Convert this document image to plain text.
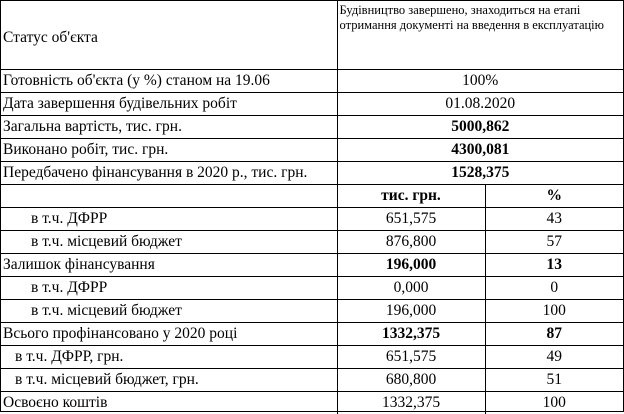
Статус об'єкта	Будівництво завершено, знаходиться на етапі отримання документі на введення в експлуатацію	
Готовність об'єкта (у %) станом на 19.06	100%	
Дата завершення будівельних робіт	01.08.2020	
Загальна вартість, тис. грн.	5000,862	
Виконано робіт, тис. грн.	4300,081	
Передбачено фінансування в 2020 р., тис. грн.	1528,375	
	тис. грн.	%
в т.ч. ДФРР	651,575	43
в т.ч. місцевий бюджет	876,800	57
Залишок фінансування	196,000	13
в т.ч. ДФРР	0,000	0
в т.ч. місцевий бюджет	196,000	100
Всього профінансовано у 2020 році	1332,375	87
в т.ч. ДФРР, грн.	651,575	49
в т.ч. місцевий бюджет, грн.	680,800	51
Освоєно коштів	1332,375	100
